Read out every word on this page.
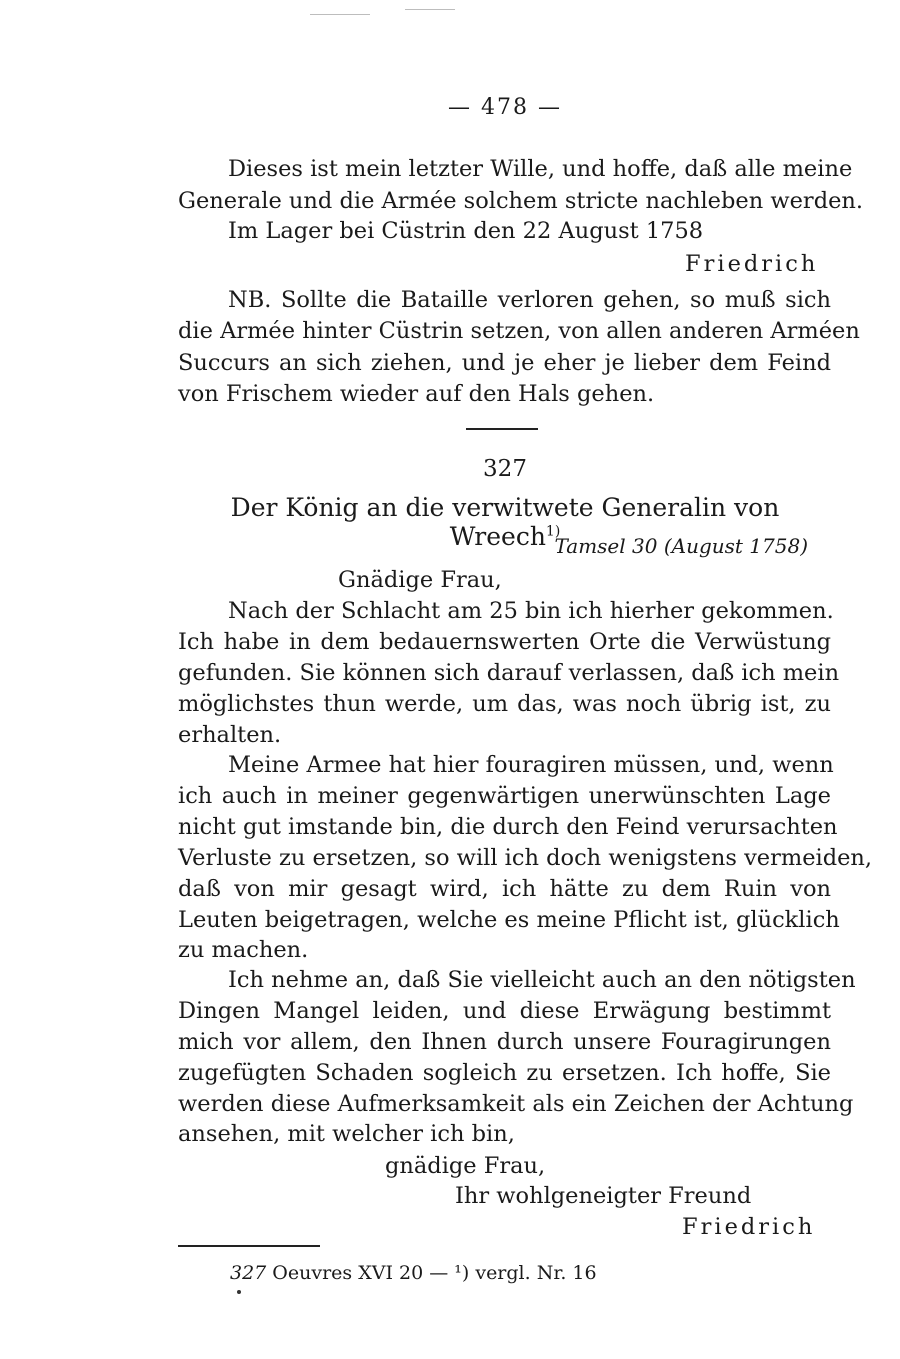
— 478 —
Dieses ist mein letzter Wille, und hoffe, daß alle meine
Generale und die Armée solchem stricte nachleben werden.
Im Lager bei Cüstrin den 22 August 1758
Friedrich
NB. Sollte die Bataille verloren gehen, so muß sich
die Armée hinter Cüstrin setzen, von allen anderen Arméen
Succurs an sich ziehen, und je eher je lieber dem Feind
von Frischem wieder auf den Hals gehen.
327
Der König an die verwitwete Generalin von Wreech$^{1)}$
Tamsel 30 (August 1758)
Gnädige Frau,
Nach der Schlacht am 25 bin ich hierher gekommen.
Ich habe in dem bedauernswerten Orte die Verwüstung
gefunden. Sie können sich darauf verlassen, daß ich mein
möglichstes thun werde, um das, was noch übrig ist, zu
erhalten.
Meine Armee hat hier fouragiren müssen, und, wenn
ich auch in meiner gegenwärtigen unerwünschten Lage
nicht gut imstande bin, die durch den Feind verursachten
Verluste zu ersetzen, so will ich doch wenigstens vermeiden,
daß von mir gesagt wird, ich hätte zu dem Ruin von
Leuten beigetragen, welche es meine Pflicht ist, glücklich
zu machen.
Ich nehme an, daß Sie vielleicht auch an den nötigsten
Dingen Mangel leiden, und diese Erwägung bestimmt
mich vor allem, den Ihnen durch unsere Fouragirungen
zugefügten Schaden sogleich zu ersetzen. Ich hoffe, Sie
werden diese Aufmerksamkeit als ein Zeichen der Achtung
ansehen, mit welcher ich bin,
gnädige Frau,
Ihr wohlgeneigter Freund
Friedrich
327 Oeuvres XVI 20 — ¹) vergl. Nr. 16
